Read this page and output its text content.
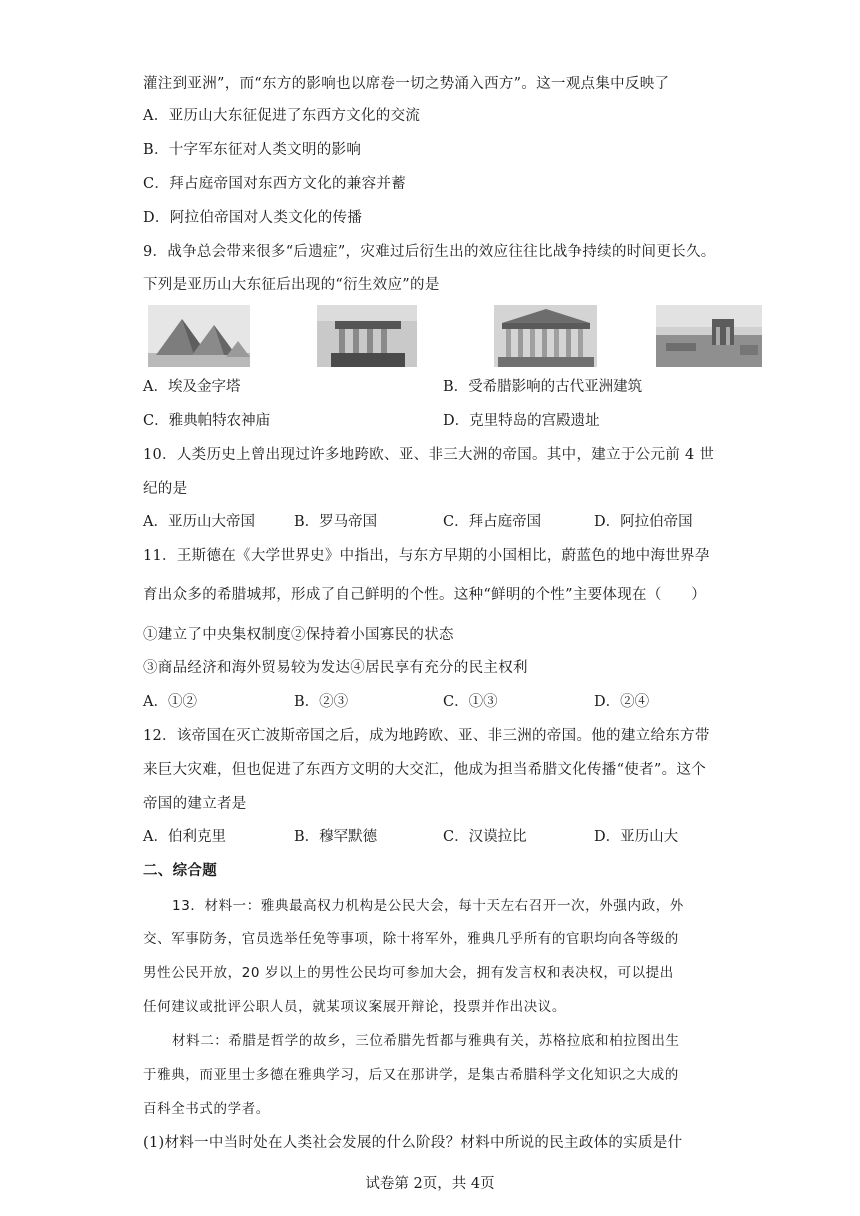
灌注到亚洲”，而“东方的影响也以席卷一切之势涌入西方”。这一观点集中反映了
A．亚历山大东征促进了东西方文化的交流
B．十字军东征对人类文明的影响
C．拜占庭帝国对东西方文化的兼容并蓄
D．阿拉伯帝国对人类文化的传播
9．战争总会带来很多“后遗症”，灾难过后衍生出的效应往往比战争持续的时间更长久。
下列是亚历山大东征后出现的“衍生效应”的是
A．埃及金字塔	B．受希腊影响的古代亚洲建筑
C．雅典帕特农神庙	D．克里特岛的宫殿遗址
10．人类历史上曾出现过许多地跨欧、亚、非三大洲的帝国。其中，建立于公元前 4 世
纪的是
A．亚历山大帝国	B．罗马帝国	C．拜占庭帝国	D．阿拉伯帝国
11．王斯德在《大学世界史》中指出，与东方早期的小国相比，蔚蓝色的地中海世界孕
育出众多的希腊城邦，形成了自己鲜明的个性。这种“鲜明的个性”主要体现在（　　）
①建立了中央集权制度②保持着小国寡民的状态
③商品经济和海外贸易较为发达④居民享有充分的民主权利
A．①②	B．②③	C．①③	D．②④
12．该帝国在灭亡波斯帝国之后，成为地跨欧、亚、非三洲的帝国。他的建立给东方带
来巨大灾难，但也促进了东西方文明的大交汇，他成为担当希腊文化传播“使者”。这个
帝国的建立者是
A．伯利克里	B．穆罕默德	C．汉谟拉比	D．亚历山大
二、综合题
13．材料一：雅典最高权力机构是公民大会，每十天左右召开一次，外强内政，外
交、军事防务，官员选举任免等事项，除十将军外，雅典几乎所有的官职均向各等级的
男性公民开放，20 岁以上的男性公民均可参加大会，拥有发言权和表决权，可以提出
任何建议或批评公职人员，就某项议案展开辩论，投票并作出决议。
材料二：希腊是哲学的故乡，三位希腊先哲都与雅典有关，苏格拉底和柏拉图出生
于雅典，而亚里士多德在雅典学习，后又在那讲学，是集古希腊科学文化知识之大成的
百科全书式的学者。
(1)材料一中当时处在人类社会发展的什么阶段？材料中所说的民主政体的实质是什
试卷第 2页，共 4页
